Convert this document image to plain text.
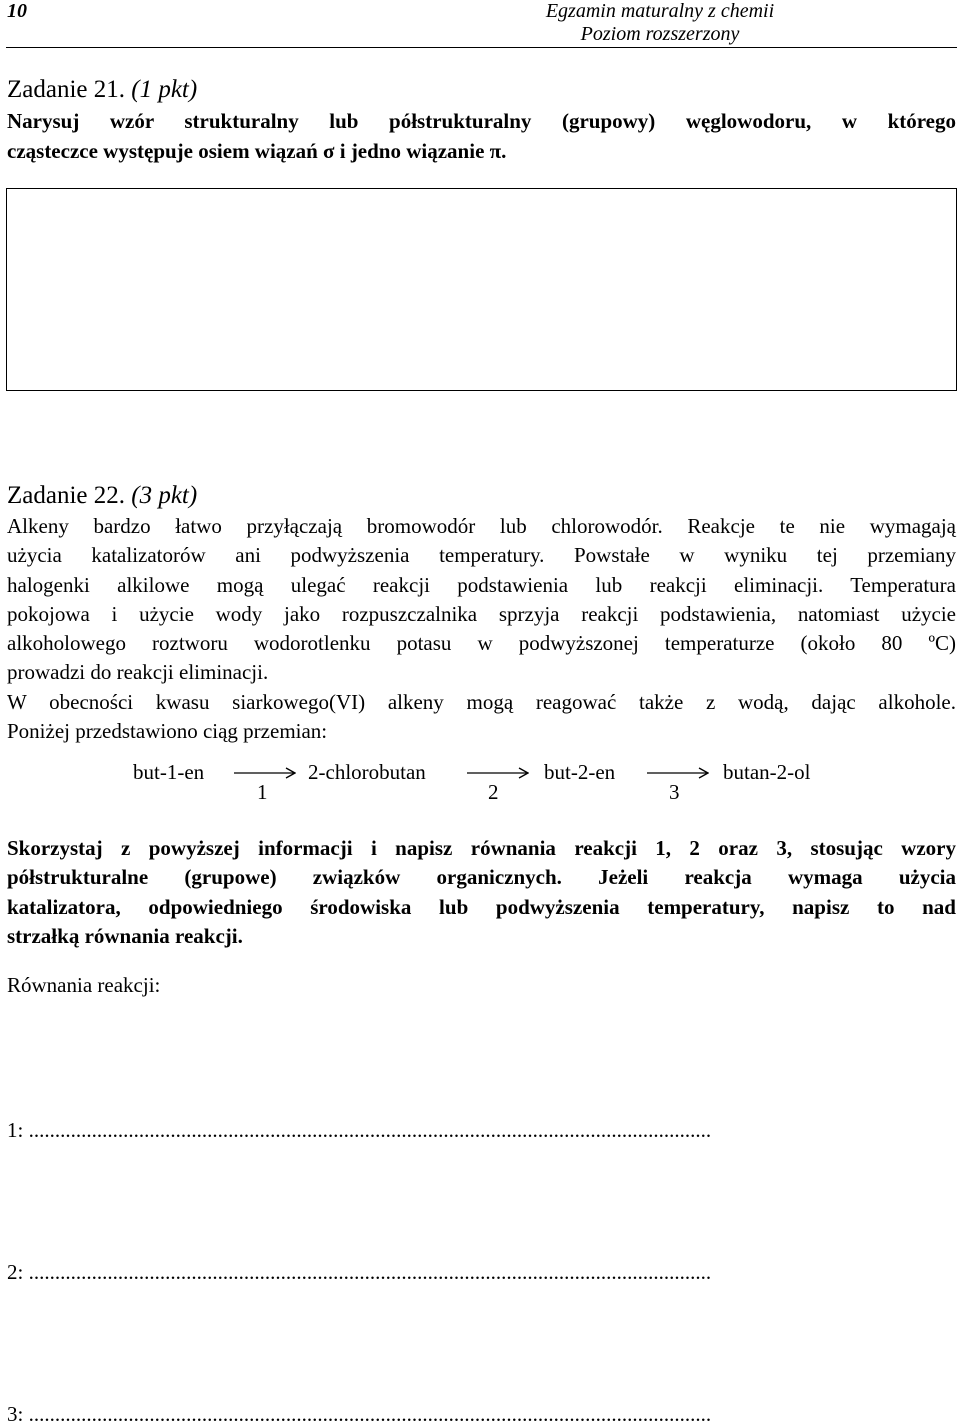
10	Egzamin maturalny z chemii
Poziom rozszerzony
Zadanie 21. (1 pkt)
Narysuj wzór strukturalny lub półstrukturalny (grupowy) węglowodoru, w którego
cząsteczce występuje osiem wiązań σ i jedno wiązanie π.
Zadanie 22. (3 pkt)

Alkeny bardzo łatwo przyłączają bromowodór lub chlorowodór. Reakcje te nie wymagają

użycia katalizatorów ani podwyższenia temperatury. Powstałe w wyniku tej przemiany

halogenki alkilowe mogą ulegać reakcji podstawienia lub reakcji eliminacji. Temperatura

pokojowa i użycie wody jako rozpuszczalnika sprzyja reakcji podstawienia, natomiast użycie

alkoholowego roztworu wodorotlenku potasu w podwyższonej temperaturze (około 80 ºC)

prowadzi do reakcji eliminacji.

W obecności kwasu siarkowego(VI) alkeny mogą reagować także z wodą, dając alkohole.

Poniżej przedstawiono ciąg przemian:

but-1-en
1
2-chlorobutan
2
but-2-en
3
butan-2-ol

Skorzystaj z powyższej informacji i napisz równania reakcji 1, 2 oraz 3, stosując wzory

półstrukturalne (grupowe) związków organicznych. Jeżeli reakcja wymaga użycia

katalizatora, odpowiedniego środowiska lub podwyższenia temperatury, napisz to nad

strzałką równania reakcji.

Równania reakcji:
1: ..................................................................................................................................
2: ..................................................................................................................................
3: ..................................................................................................................................
